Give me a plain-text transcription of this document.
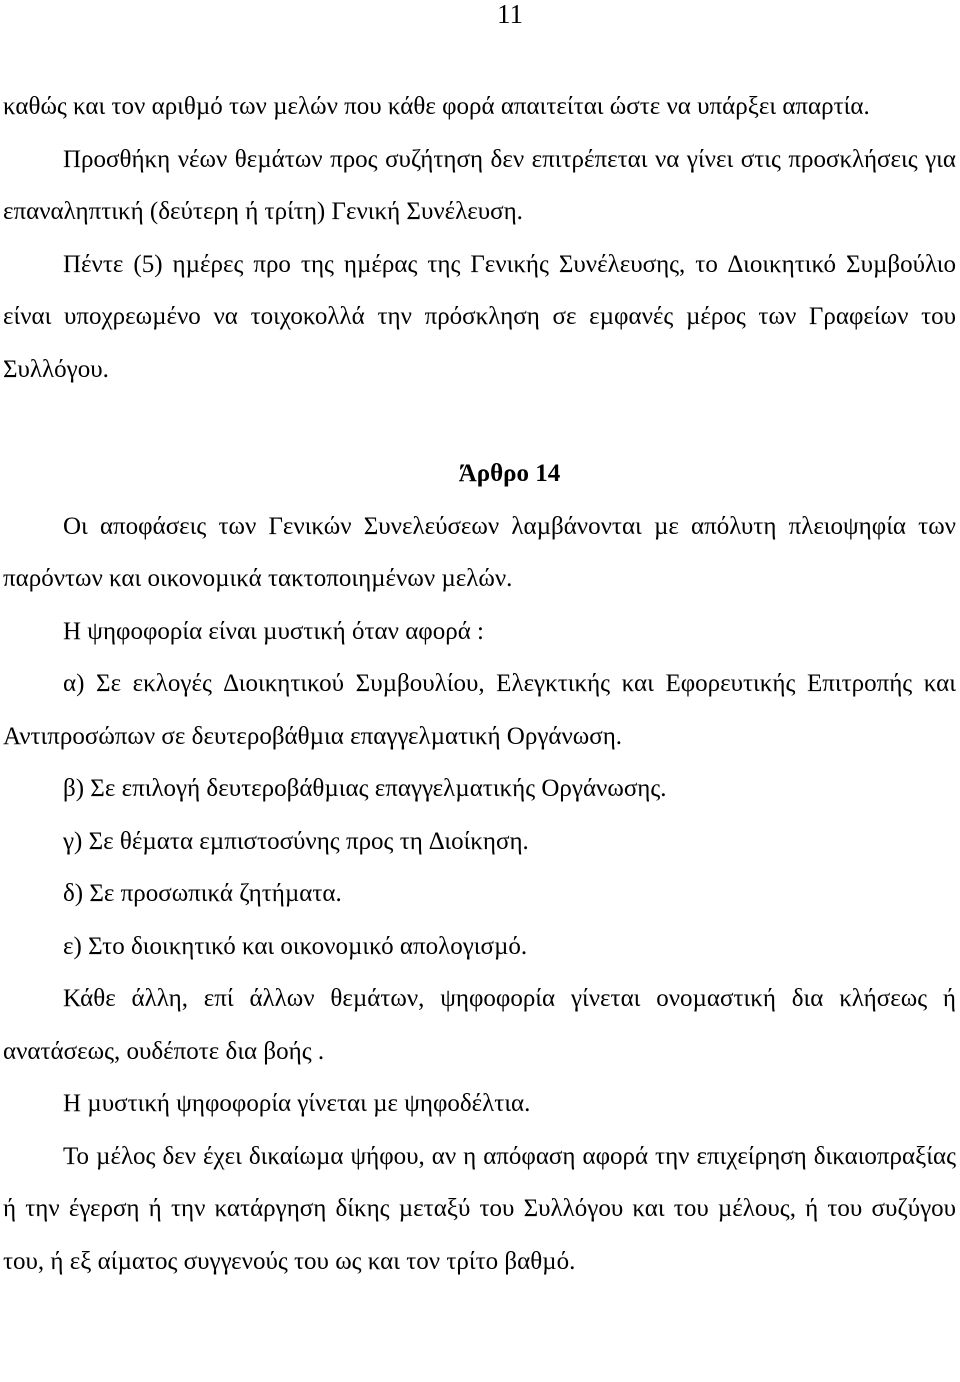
11

καθώς και τον αριθµό των µελών που κάθε φορά απαιτείται ώστε να υπάρξει απαρτία.

Προσθήκη νέων θεµάτων προς συζήτηση δεν επιτρέπεται να γίνει στις προσκλήσεις για επαναληπτική (δεύτερη ή τρίτη) Γενική Συνέλευση.

Πέντε (5) ηµέρες προ της ηµέρας της Γενικής Συνέλευσης, το ∆ιοικητικό Συµβούλιο είναι υποχρεωµένο να τοιχοκολλά την πρόσκληση σε εµφανές µέρος των Γραφείων του Συλλόγου.

Άρθρο 14

Οι αποφάσεις των Γενικών Συνελεύσεων λαµβάνονται µε απόλυτη πλειοψηφία των παρόντων και οικονοµικά τακτοποιηµένων µελών.

Η ψηφοφορία είναι µυστική όταν αφορά :

α) Σε εκλογές ∆ιοικητικού Συµβουλίου, Ελεγκτικής και Εφορευτικής Επιτροπής και Αντιπροσώπων σε δευτεροβάθµια επαγγελµατική Οργάνωση.

β) Σε επιλογή δευτεροβάθµιας επαγγελµατικής Οργάνωσης.

γ) Σε θέµατα εµπιστοσύνης προς τη ∆ιοίκηση.

δ) Σε προσωπικά ζητήµατα.

ε) Στο διοικητικό και οικονοµικό απολογισµό.

Κάθε άλλη, επί άλλων θεµάτων, ψηφοφορία γίνεται ονοµαστική δια κλήσεως ή ανατάσεως, ουδέποτε δια βοής .

Η µυστική ψηφοφορία γίνεται µε ψηφοδέλτια.

Το µέλος δεν έχει δικαίωµα ψήφου, αν η απόφαση αφορά την επιχείρηση δικαιοπραξίας ή την έγερση ή την κατάργηση δίκης µεταξύ του Συλλόγου και του µέλους, ή του συζύγου του, ή εξ αίµατος συγγενούς του ως και τον τρίτο βαθµό.
